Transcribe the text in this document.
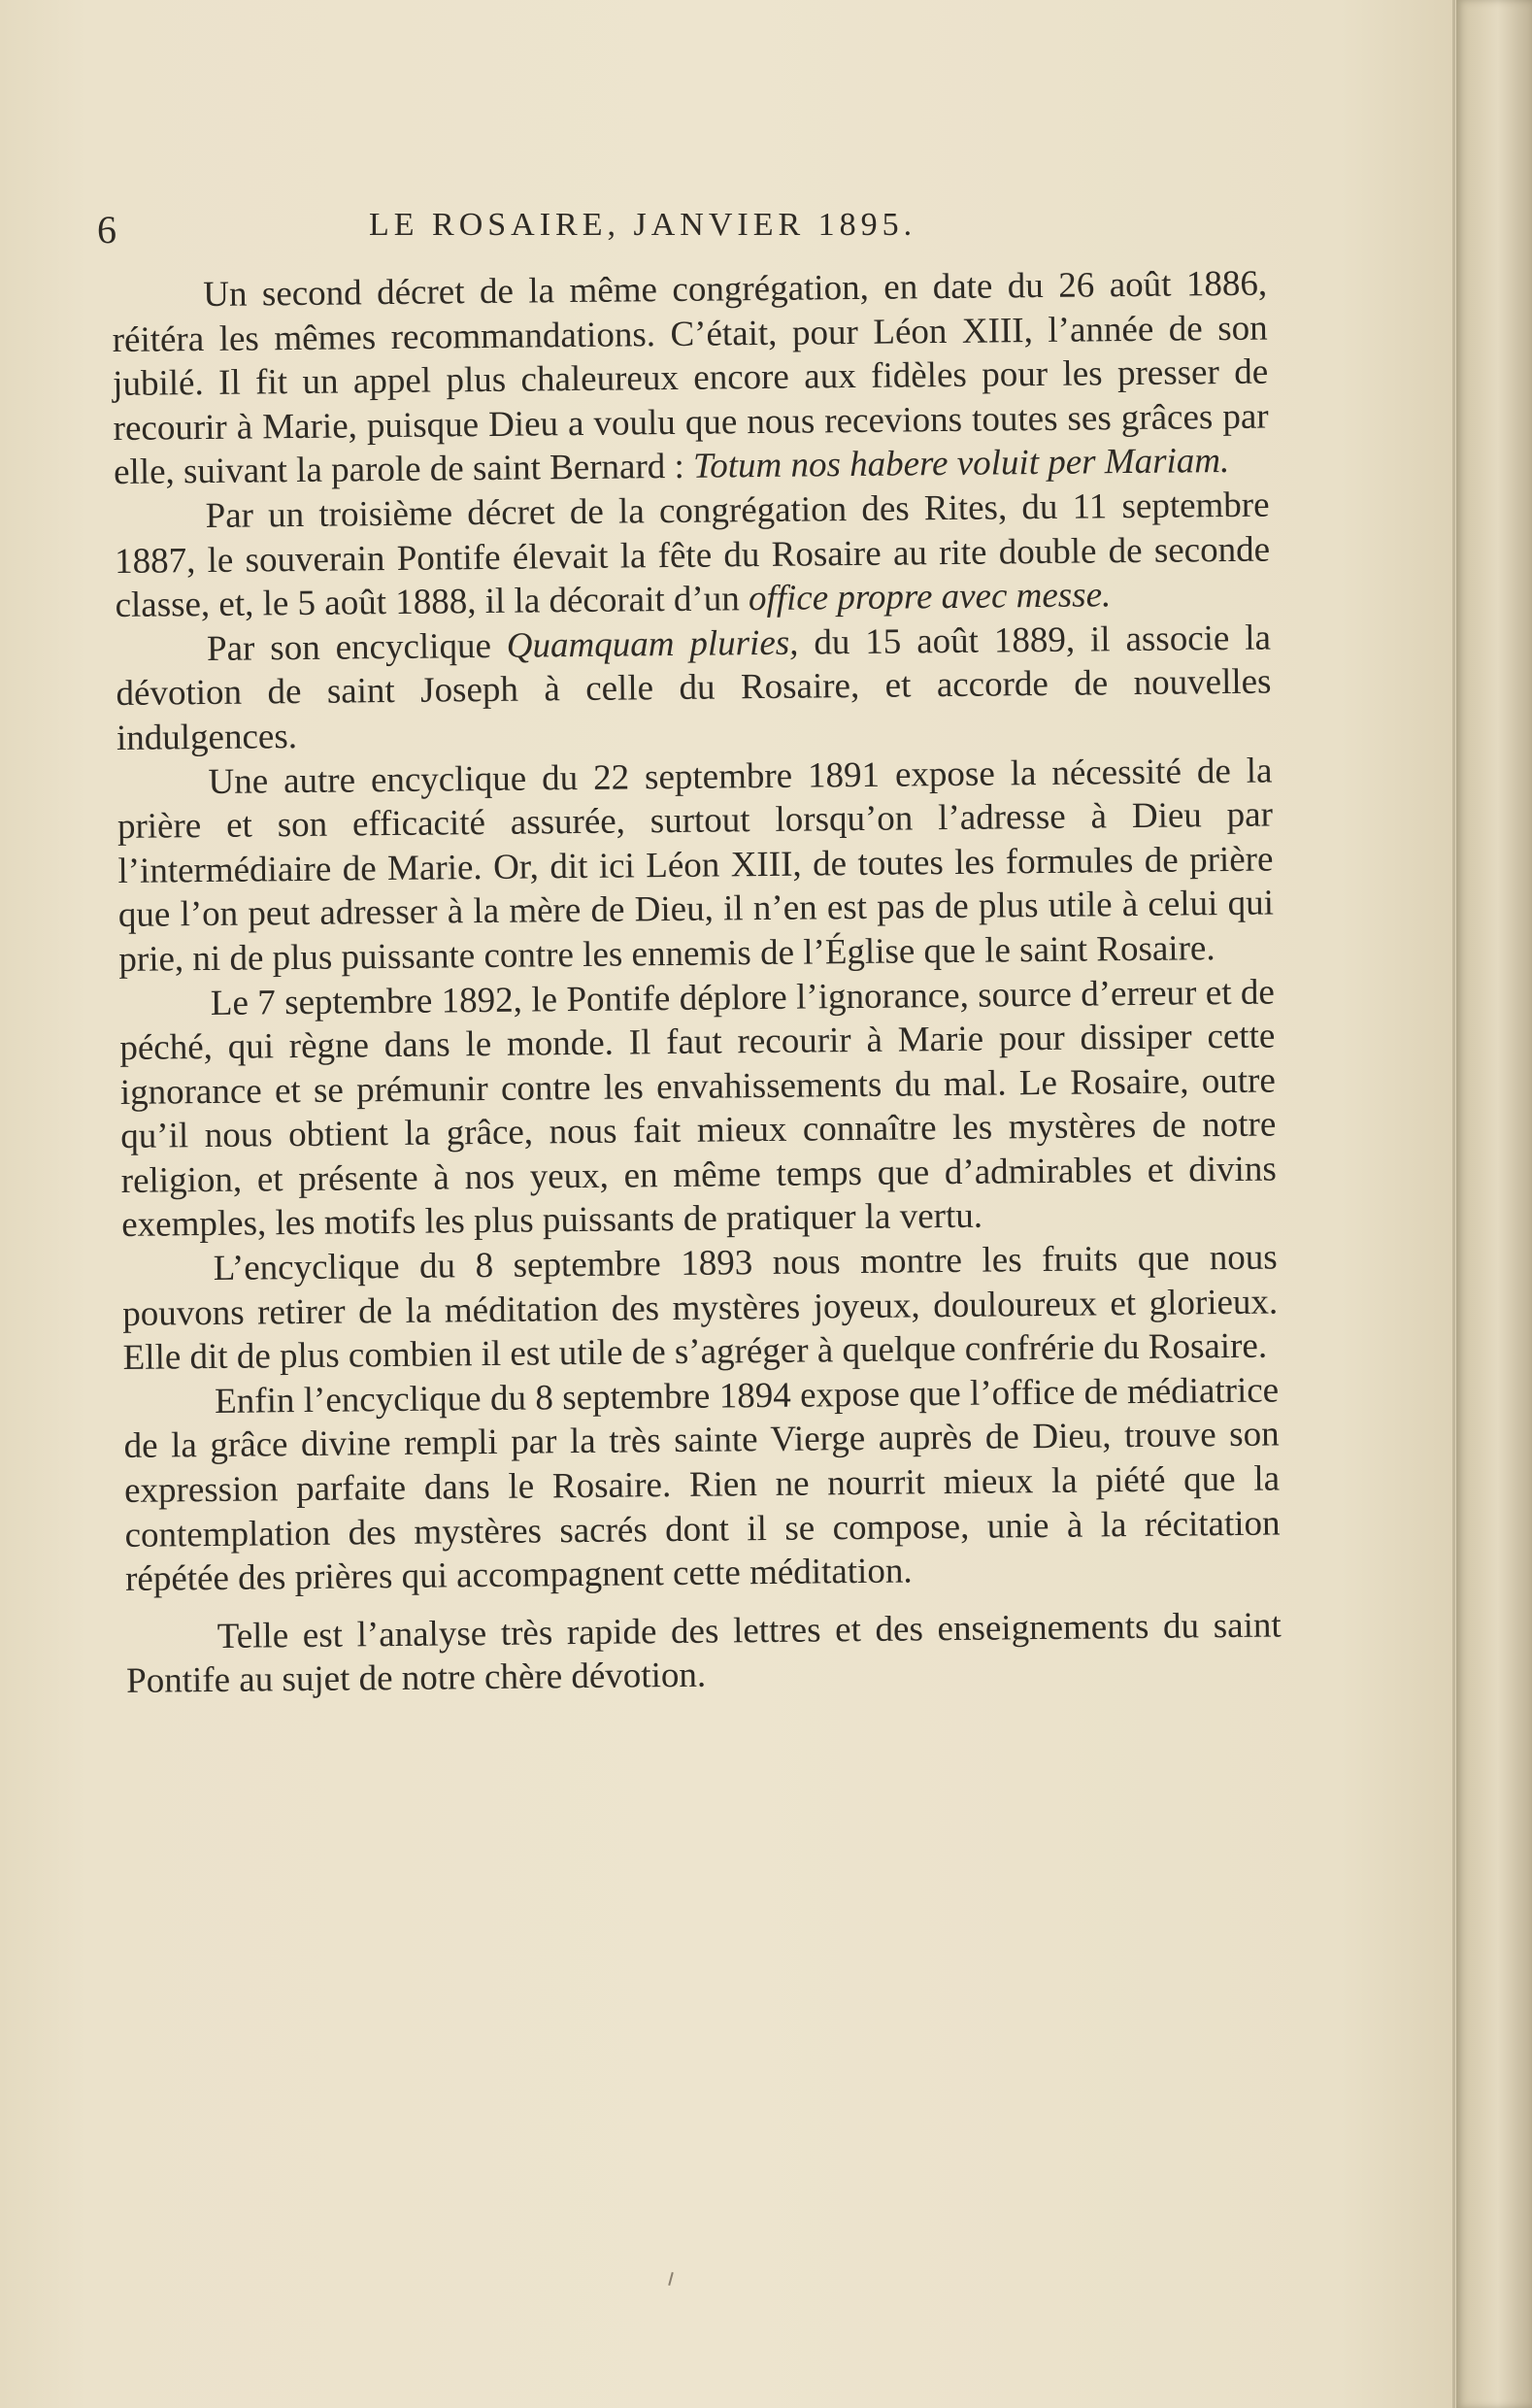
6	LE ROSAIRE, JANVIER 1895.

Un second décret de la même congrégation, en date du 26 août 1886, réitéra les mêmes recommandations. C’était, pour Léon XIII, l’année de son jubilé. Il fit un appel plus chaleureux encore aux fidèles pour les presser de recourir à Marie, puisque Dieu a voulu que nous recevions toutes ses grâces par elle, suivant la parole de saint Bernard : Totum nos habere voluit per Mariam.

Par un troisième décret de la congrégation des Rites, du 11 septembre 1887, le souverain Pontife élevait la fête du Rosaire au rite double de seconde classe, et, le 5 août 1888, il la décorait d’un office propre avec messe.

Par son encyclique Quamquam pluries, du 15 août 1889, il associe la dévotion de saint Joseph à celle du Rosaire, et accorde de nouvelles indulgences.

Une autre encyclique du 22 septembre 1891 expose la nécessité de la prière et son efficacité assurée, surtout lorsqu’on l’adresse à Dieu par l’intermédiaire de Marie. Or, dit ici Léon XIII, de toutes les formules de prière que l’on peut adresser à la mère de Dieu, il n’en est pas de plus utile à celui qui prie, ni de plus puissante contre les ennemis de l’Église que le saint Rosaire.

Le 7 septembre 1892, le Pontife déplore l’ignorance, source d’erreur et de péché, qui règne dans le monde. Il faut recourir à Marie pour dissiper cette ignorance et se prémunir contre les envahissements du mal. Le Rosaire, outre qu’il nous obtient la grâce, nous fait mieux connaître les mystères de notre religion, et présente à nos yeux, en même temps que d’admirables et divins exemples, les motifs les plus puissants de pratiquer la vertu.

L’encyclique du 8 septembre 1893 nous montre les fruits que nous pouvons retirer de la méditation des mystères joyeux, douloureux et glorieux. Elle dit de plus combien il est utile de s’agréger à quelque confrérie du Rosaire.

Enfin l’encyclique du 8 septembre 1894 expose que l’office de médiatrice de la grâce divine rempli par la très sainte Vierge auprès de Dieu, trouve son expression parfaite dans le Rosaire. Rien ne nourrit mieux la piété que la contemplation des mystères sacrés dont il se compose, unie à la récitation répétée des prières qui accompagnent cette méditation.

Telle est l’analyse très rapide des lettres et des enseignements du saint Pontife au sujet de notre chère dévotion.
